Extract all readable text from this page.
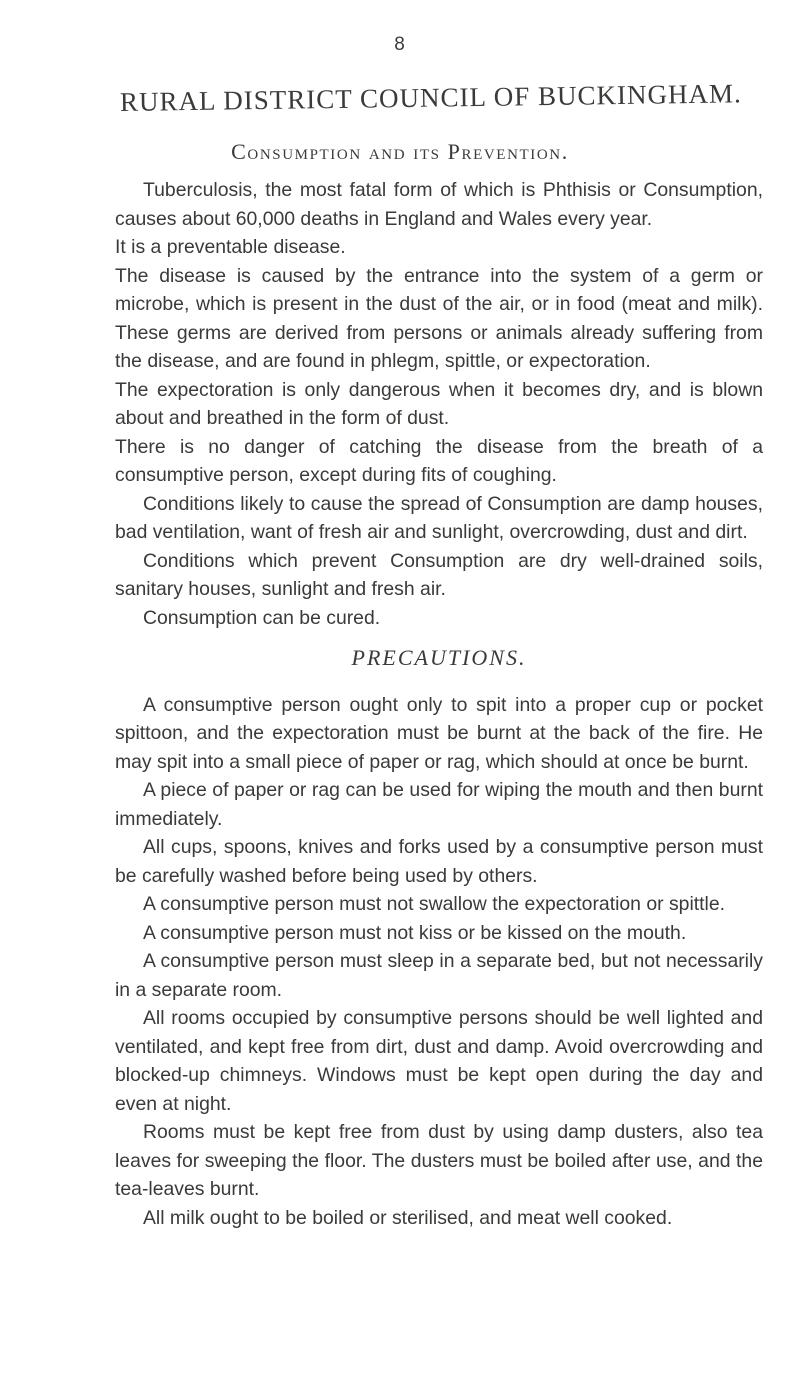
8
RURAL DISTRICT COUNCIL OF BUCKINGHAM.
Consumption and its Prevention.

Tuberculosis, the most fatal form of which is Phthisis or Consumption, causes about 60,000 deaths in England and Wales every year.

It is a preventable disease.

The disease is caused by the entrance into the system of a germ or microbe, which is present in the dust of the air, or in food (meat and milk). These germs are derived from persons or animals already suffering from the disease, and are found in phlegm, spittle, or expectoration.

The expectoration is only dangerous when it becomes dry, and is blown about and breathed in the form of dust.

There is no danger of catching the disease from the breath of a consumptive person, except during fits of coughing.

Conditions likely to cause the spread of Consumption are damp houses, bad ventilation, want of fresh air and sunlight, overcrowding, dust and dirt.

Conditions which prevent Consumption are dry well-drained soils, sanitary houses, sunlight and fresh air.

Consumption can be cured.

PRECAUTIONS.

A consumptive person ought only to spit into a proper cup or pocket spittoon, and the expectoration must be burnt at the back of the fire. He may spit into a small piece of paper or rag, which should at once be burnt.

A piece of paper or rag can be used for wiping the mouth and then burnt immediately.

All cups, spoons, knives and forks used by a consumptive person must be carefully washed before being used by others.

A consumptive person must not swallow the expectoration or spittle.

A consumptive person must not kiss or be kissed on the mouth.

A consumptive person must sleep in a separate bed, but not necessarily in a separate room.

All rooms occupied by consumptive persons should be well lighted and ventilated, and kept free from dirt, dust and damp. Avoid overcrowding and blocked-up chimneys. Windows must be kept open during the day and even at night.

Rooms must be kept free from dust by using damp dusters, also tea leaves for sweeping the floor. The dusters must be boiled after use, and the tea-leaves burnt.

All milk ought to be boiled or sterilised, and meat well cooked.
